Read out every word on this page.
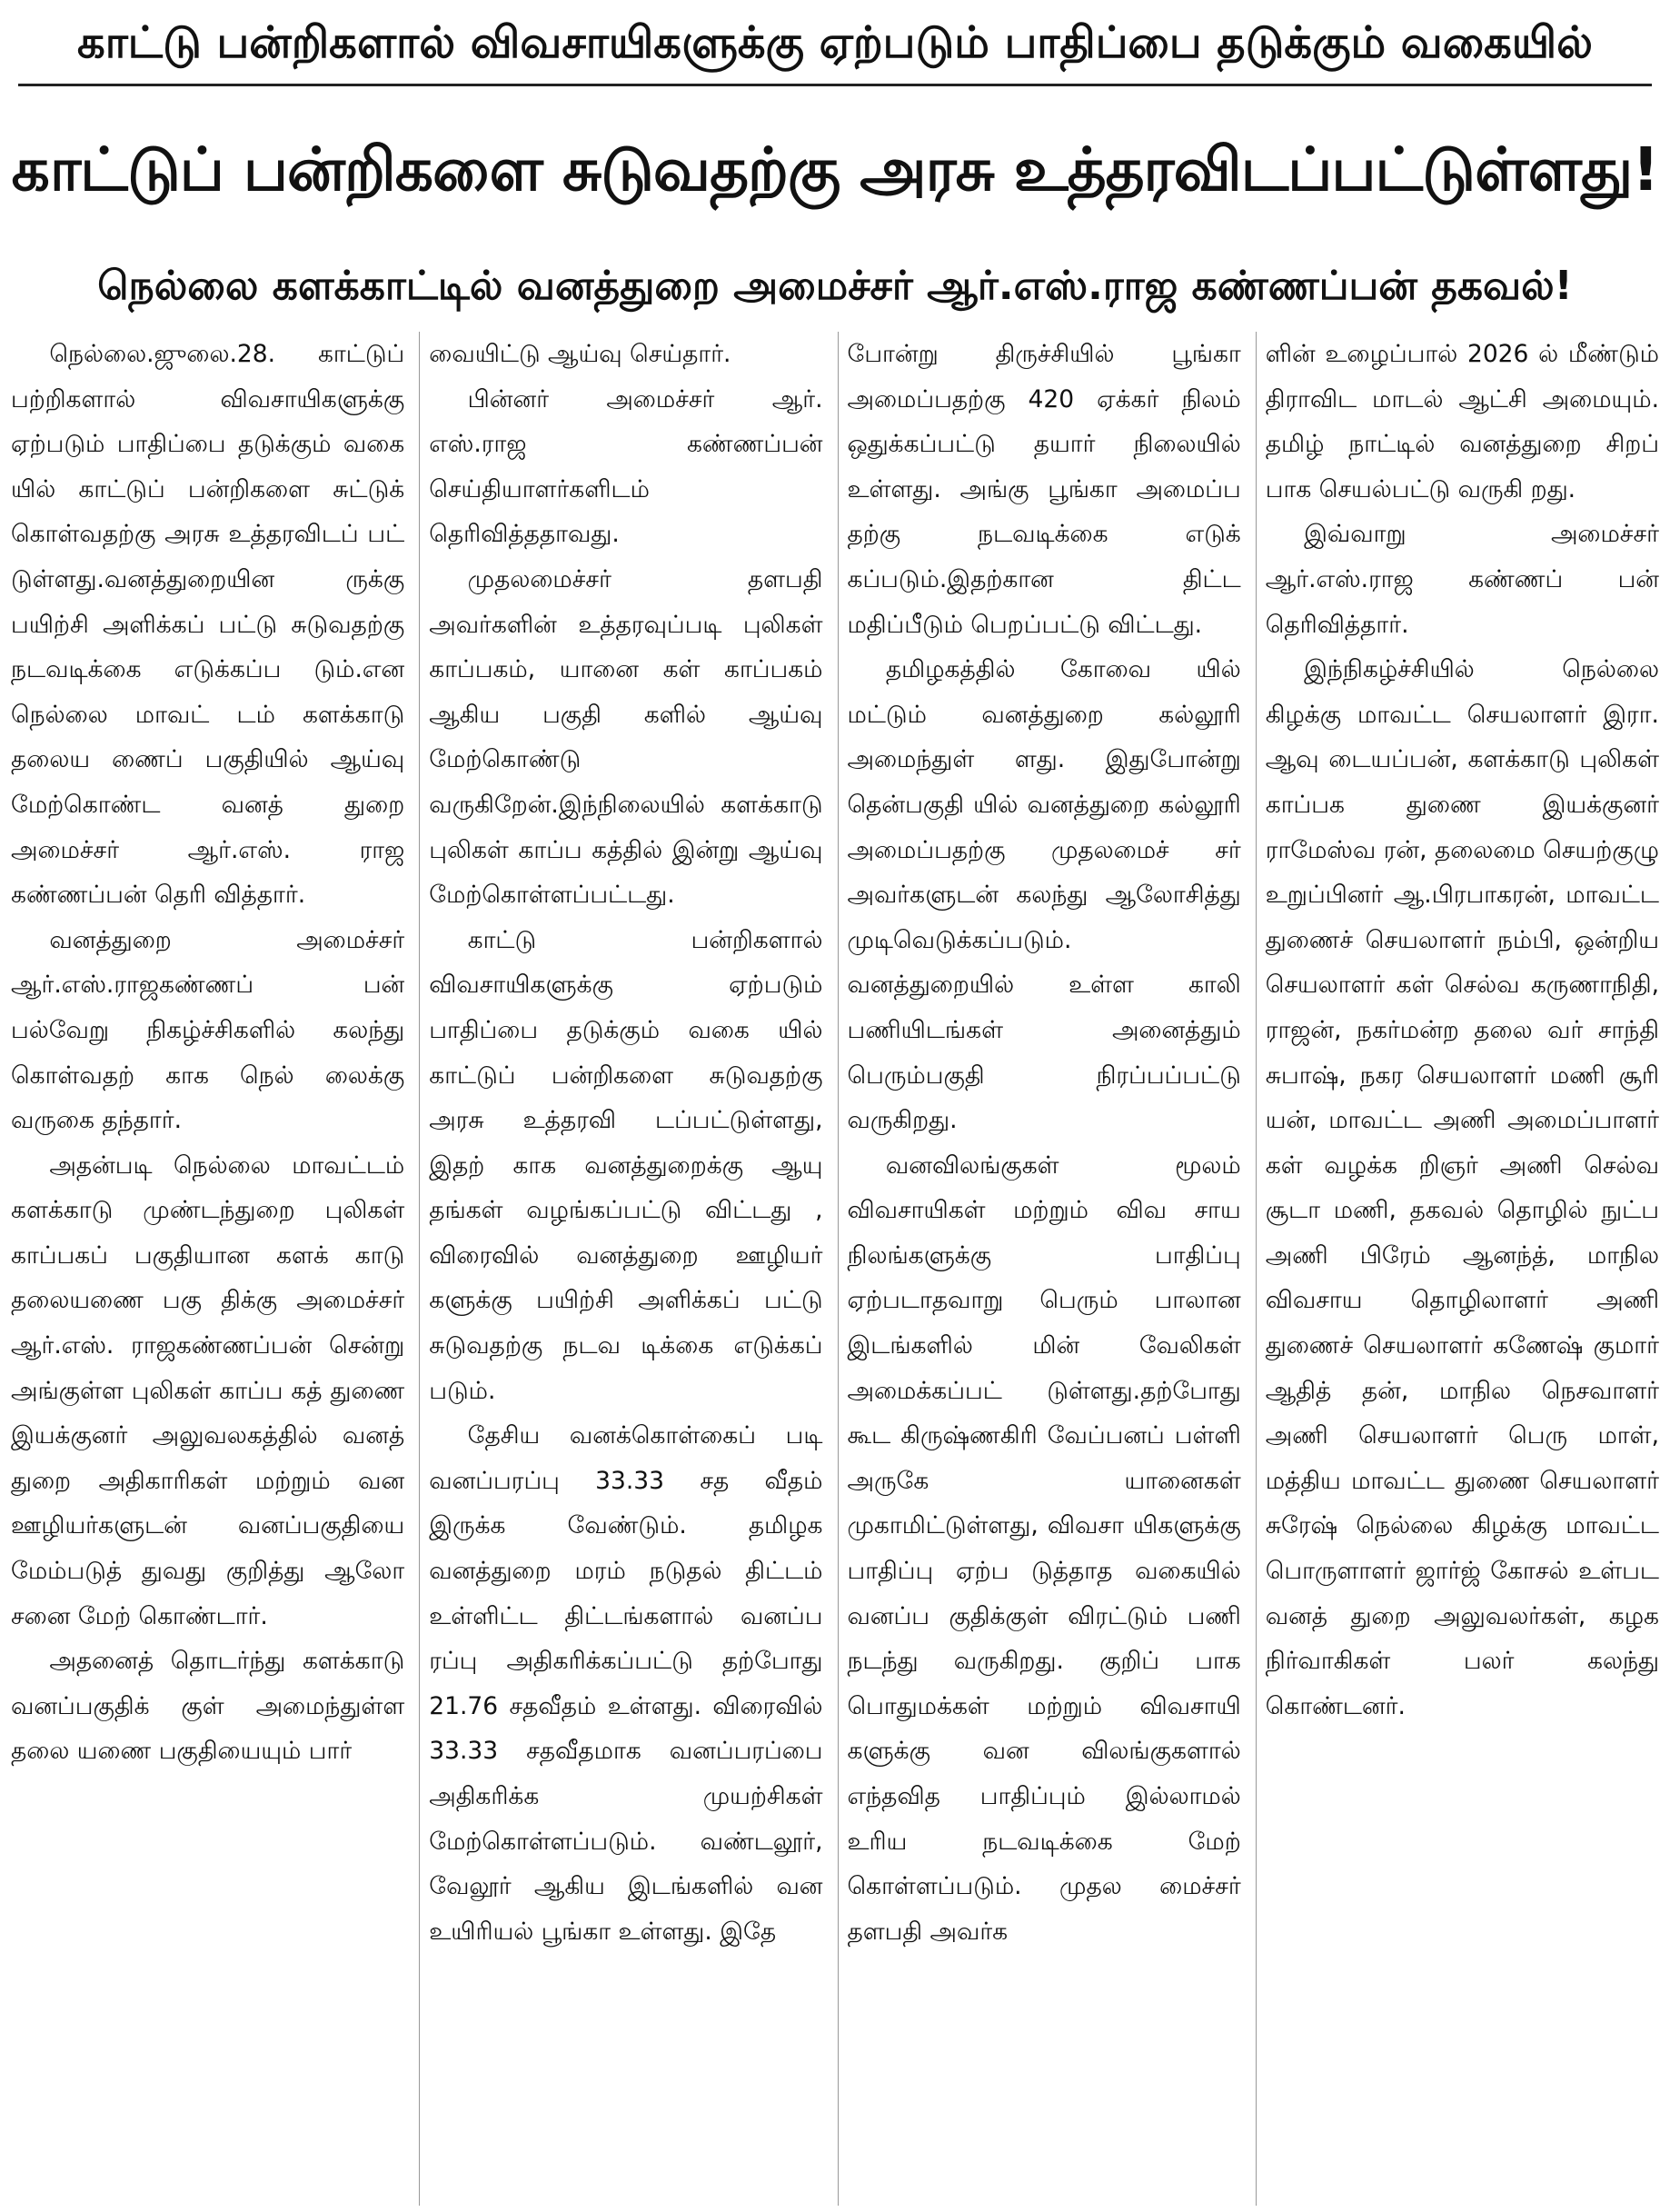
காட்டு பன்றிகளால் விவசாயிகளுக்கு ஏற்படும் பாதிப்பை தடுக்கும் வகையில்
காட்டுப் பன்றிகளை சுடுவதற்கு அரசு உத்தரவிடப்பட்டுள்ளது!
நெல்லை களக்காட்டில் வனத்துறை அமைச்சர் ஆர்.எஸ்.ராஜ கண்ணப்பன் தகவல்!

நெல்லை.ஜுலை.28. காட்டுப் பற்றிகளால் விவசாயிகளுக்கு ஏற்படும் பாதிப்பை தடுக்கும் வகை யில் காட்டுப் பன்றிகளை சுட்டுக் கொள்வதற்கு அரசு உத்தரவிடப் பட் டுள்ளது.வனத்துறையின ருக்கு பயிற்சி அளிக்கப் பட்டு சுடுவதற்கு நடவடிக்கை எடுக்கப்ப டும்.என நெல்லை மாவட் டம் களக்காடு தலைய ணைப் பகுதியில் ஆய்வு மேற்கொண்ட வனத் துறை அமைச்சர் ஆர்.எஸ். ராஜ கண்ணப்பன் தெரி வித்தார்.

வனத்துறை அமைச்சர் ஆர்.எஸ்.ராஜகண்ணப் பன் பல்வேறு நிகழ்ச்சிகளில் கலந்து கொள்வதற் காக நெல் லைக்கு வருகை தந்தார்.

அதன்படி நெல்லை மாவட்டம் களக்காடு முண்டந்துறை புலிகள் காப்பகப் பகுதியான களக் காடு தலையணை பகு திக்கு அமைச்சர் ஆர்.எஸ். ராஜகண்ணப்பன் சென்று அங்குள்ள புலிகள் காப்ப கத் துணை இயக்குனர் அலுவலகத்தில் வனத் துறை அதிகாரிகள் மற்றும் வன ஊழியர்களுடன் வனப்பகுதியை மேம்படுத் துவது குறித்து ஆலோ சனை மேற் கொண்டார்.

அதனைத் தொடர்ந்து களக்காடு வனப்பகுதிக் குள் அமைந்துள்ள தலை யணை பகுதியையும் பார்

வையிட்டு ஆய்வு செய்தார்.

பின்னர் அமைச்சர் ஆர். எஸ்.ராஜ கண்ணப்பன் செய்தியாளர்களிடம் தெரிவித்ததாவது.

முதலமைச்சர் தளபதி அவர்களின் உத்தரவுப்படி புலிகள் காப்பகம், யானை கள் காப்பகம் ஆகிய பகுதி களில் ஆய்வு மேற்கொண்டு வருகிறேன்.இந்நிலையில் களக்காடு புலிகள் காப்ப கத்தில் இன்று ஆய்வு மேற்கொள்ளப்பட்டது.

காட்டு பன்றிகளால் விவசாயிகளுக்கு ஏற்படும் பாதிப்பை தடுக்கும் வகை யில் காட்டுப் பன்றிகளை சுடுவதற்கு அரசு உத்தரவி டப்பட்டுள்ளது, இதற் காக வனத்துறைக்கு ஆயு தங்கள் வழங்கப்பட்டு விட்டது , விரைவில் வனத்துறை ஊழியர் களுக்கு பயிற்சி அளிக்கப் பட்டு சுடுவதற்கு நடவ டிக்கை எடுக்கப் படும்.

தேசிய வனக்கொள்கைப் படி வனப்பரப்பு 33.33 சத வீதம் இருக்க வேண்டும். தமிழக வனத்துறை மரம் நடுதல் திட்டம் உள்ளிட்ட திட்டங்களால் வனப்ப ரப்பு அதிகரிக்கப்பட்டு தற்போது 21.76 சதவீதம் உள்ளது. விரைவில் 33.33 சதவீதமாக வனப்பரப்பை அதிகரிக்க முயற்சிகள் மேற்கொள்ளப்படும். வண்டலூர், வேலூர் ஆகிய இடங்களில் வன உயிரியல் பூங்கா உள்ளது. இதே

போன்று திருச்சியில் பூங்கா அமைப்பதற்கு 420 ஏக்கர் நிலம் ஒதுக்கப்பட்டு தயார் நிலையில் உள்ளது. அங்கு பூங்கா அமைப்ப தற்கு நடவடிக்கை எடுக் கப்படும்.இதற்கான திட்ட மதிப்பீடும் பெறப்பட்டு விட்டது.

தமிழகத்தில் கோவை யில் மட்டும் வனத்துறை கல்லூரி அமைந்துள் ளது. இதுபோன்று தென்பகுதி யில் வனத்துறை கல்லூரி அமைப்பதற்கு முதலமைச் சர் அவர்களுடன் கலந்து ஆலோசித்து முடிவெடுக்கப்படும். வனத்துறையில் உள்ள காலி பணியிடங்கள் அனைத்தும் பெரும்பகுதி நிரப்பப்பட்டு வருகிறது.

வனவிலங்குகள் மூலம் விவசாயிகள் மற்றும் விவ சாய நிலங்களுக்கு பாதிப்பு ஏற்படாதவாறு பெரும் பாலான இடங்களில் மின் வேலிகள் அமைக்கப்பட் டுள்ளது.தற்போது கூட கிருஷ்ணகிரி வேப்பனப் பள்ளி அருகே யானைகள் முகாமிட்டுள்ளது, விவசா யிகளுக்கு பாதிப்பு ஏற்ப டுத்தாத வகையில் வனப்ப குதிக்குள் விரட்டும் பணி நடந்து வருகிறது. குறிப் பாக பொதுமக்கள் மற்றும் விவசாயி களுக்கு வன விலங்குகளால் எந்தவித பாதிப்பும் இல்லாமல் உரிய நடவடிக்கை மேற் கொள்ளப்படும். முதல மைச்சர் தளபதி அவர்க

ளின் உழைப்பால் 2026 ல் மீண்டும் திராவிட மாடல் ஆட்சி அமையும். தமிழ் நாட்டில் வனத்துறை சிறப் பாக செயல்பட்டு வருகி றது.

இவ்வாறு அமைச்சர் ஆர்.எஸ்.ராஜ கண்ணப் பன் தெரிவித்தார்.

இந்நிகழ்ச்சியில் நெல்லை கிழக்கு மாவட்ட செயலாளர் இரா. ஆவு டையப்பன், களக்காடு புலிகள் காப்பக துணை இயக்குனர் ராமேஸ்வ ரன், தலைமை செயற்குழு உறுப்பினர் ஆ.பிரபாகரன், மாவட்ட துணைச் செயலாளர் நம்பி, ஒன்றிய செயலாளர் கள் செல்வ கருணாநிதி, ராஜன், நகர்மன்ற தலை வர் சாந்தி சுபாஷ், நகர செயலாளர் மணி சூரி யன், மாவட்ட அணி அமைப்பாளர் கள் வழக்க றிஞர் அணி செல்வ சூடா மணி, தகவல் தொழில் நுட்ப அணி பிரேம் ஆனந்த், மாநில விவசாய தொழிலாளர் அணி துணைச் செயலாளர் கணேஷ் குமார் ஆதித் தன், மாநில நெசவாளர் அணி செயலாளர் பெரு மாள், மத்திய மாவட்ட துணை செயலாளர் சுரேஷ் நெல்லை கிழக்கு மாவட்ட பொருளாளர் ஜார்ஜ் கோசல் உள்பட வனத் துறை அலுவலர்கள், கழக நிர்வாகிகள் பலர் கலந்து கொண்டனர்.
